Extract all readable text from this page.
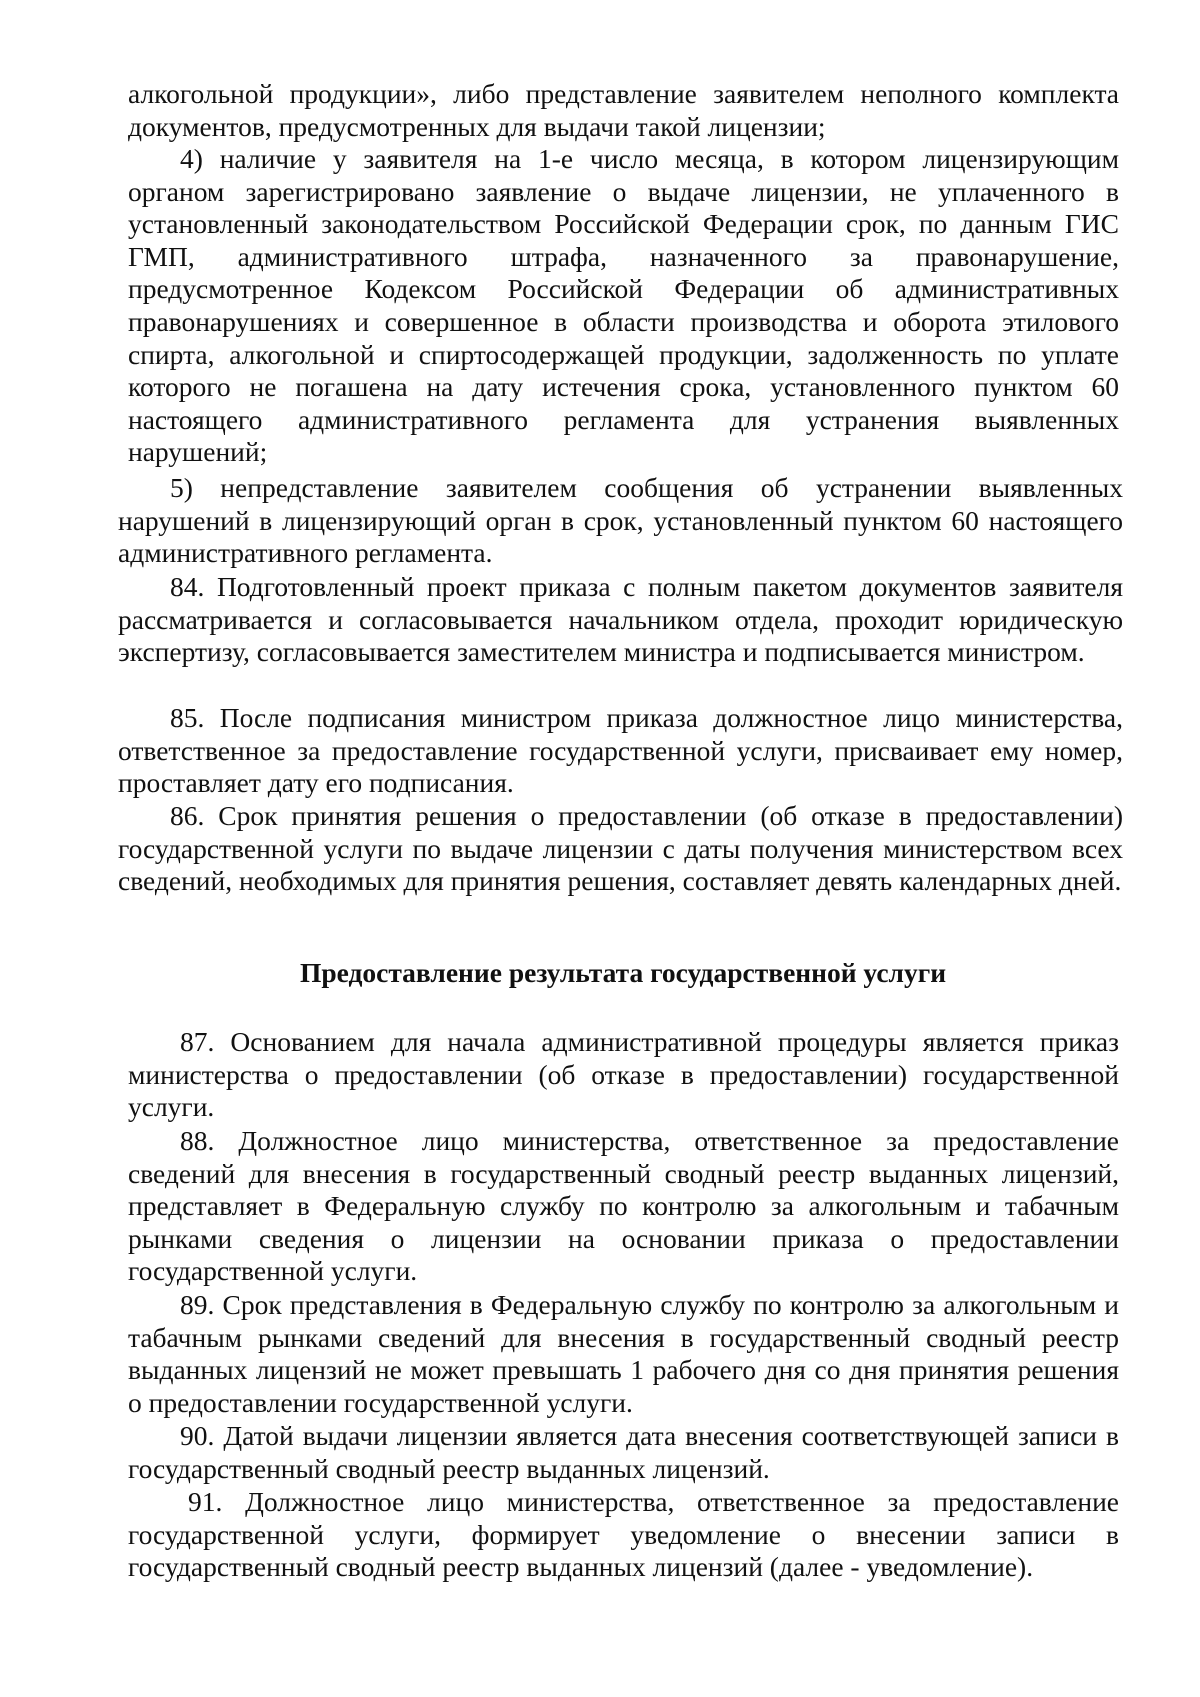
алкогольной продукции», либо представление заявителем неполного комплекта документов, предусмотренных для выдачи такой лицензии;

4) наличие у заявителя на 1-е число месяца, в котором лицензирующим органом зарегистрировано заявление о выдаче лицензии, не уплаченного в установленный законодательством Российской Федерации срок, по данным ГИС ГМП, административного штрафа, назначенного за правонарушение, предусмотренное Кодексом Российской Федерации об административных правонарушениях и совершенное в области производства и оборота этилового спирта, алкогольной и спиртосодержащей продукции, задолженность по уплате которого не погашена на дату истечения срока, установленного пунктом 60 настоящего административного регламента для устранения выявленных нарушений;

5) непредставление заявителем сообщения об устранении выявленных нарушений в лицензирующий орган в срок, установленный пунктом 60 настоящего административного регламента.

84. Подготовленный проект приказа с полным пакетом документов заявителя рассматривается и согласовывается начальником отдела, проходит юридическую экспертизу, согласовывается заместителем министра и подписывается министром.

85. После подписания министром приказа должностное лицо министерства, ответственное за предоставление государственной услуги, присваивает ему номер, проставляет дату его подписания.

86. Срок принятия решения о предоставлении (об отказе в предоставлении) государственной услуги по выдаче лицензии с даты получения министерством всех сведений, необходимых для принятия решения, составляет девять календарных дней.

Предоставление результата государственной услуги

87. Основанием для начала административной процедуры является приказ министерства о предоставлении (об отказе в предоставлении) государственной услуги.

88. Должностное лицо министерства, ответственное за предоставление сведений для внесения в государственный сводный реестр выданных лицензий, представляет в Федеральную службу по контролю за алкогольным и табачным рынками сведения о лицензии на основании приказа о предоставлении государственной услуги.

89. Срок представления в Федеральную службу по контролю за алкогольным и табачным рынками сведений для внесения в государственный сводный реестр выданных лицензий не может превышать 1 рабочего дня со дня принятия решения о предоставлении государственной услуги.

90. Датой выдачи лицензии является дата внесения соответствующей записи в государственный сводный реестр выданных лицензий.

91. Должностное лицо министерства, ответственное за предоставление государственной услуги, формирует уведомление о внесении записи в государственный сводный реестр выданных лицензий (далее - уведомление).
